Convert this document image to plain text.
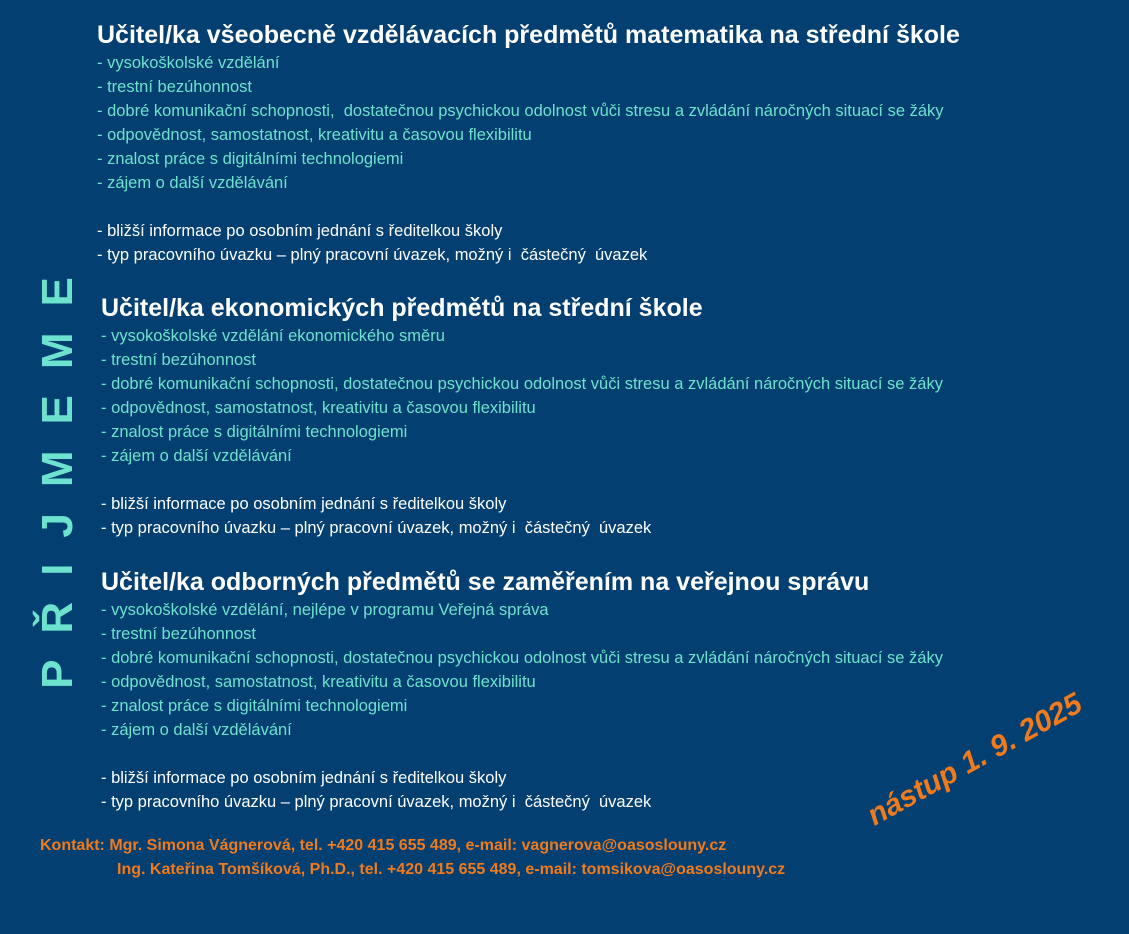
PŘIJMEME
Učitel/ka všeobecně vzdělávacích předmětů matematika na střední škole
- vysokoškolské vzdělání
- trestní bezúhonnost
- dobré komunikační schopnosti,  dostatečnou psychickou odolnost vůči stresu a zvládání náročných situací se žáky
- odpovědnost, samostatnost, kreativitu a časovou flexibilitu
- znalost práce s digitálními technologiemi
- zájem o další vzdělávání
- bližší informace po osobním jednání s ředitelkou školy
- typ pracovního úvazku – plný pracovní úvazek, možný i  částečný  úvazek
Učitel/ka ekonomických předmětů na střední škole
- vysokoškolské vzdělání ekonomického směru
- trestní bezúhonnost
- dobré komunikační schopnosti, dostatečnou psychickou odolnost vůči stresu a zvládání náročných situací se žáky
- odpovědnost, samostatnost, kreativitu a časovou flexibilitu
- znalost práce s digitálními technologiemi
- zájem o další vzdělávání
- bližší informace po osobním jednání s ředitelkou školy
- typ pracovního úvazku – plný pracovní úvazek, možný i  částečný  úvazek
Učitel/ka odborných předmětů se zaměřením na veřejnou správu
- vysokoškolské vzdělání, nejlépe v programu Veřejná správa
- trestní bezúhonnost
- dobré komunikační schopnosti, dostatečnou psychickou odolnost vůči stresu a zvládání náročných situací se žáky
- odpovědnost, samostatnost, kreativitu a časovou flexibilitu
- znalost práce s digitálními technologiemi
- zájem o další vzdělávání
- bližší informace po osobním jednání s ředitelkou školy
- typ pracovního úvazku – plný pracovní úvazek, možný i  částečný  úvazek	nástup 1. 9. 2025
Kontakt: Mgr. Simona Vágnerová, tel. +420 415 655 489, e-mail: vagnerova@oasoslouny.cz
Ing. Kateřina Tomšíková, Ph.D., tel. +420 415 655 489, e-mail: tomsikova@oasoslouny.cz
